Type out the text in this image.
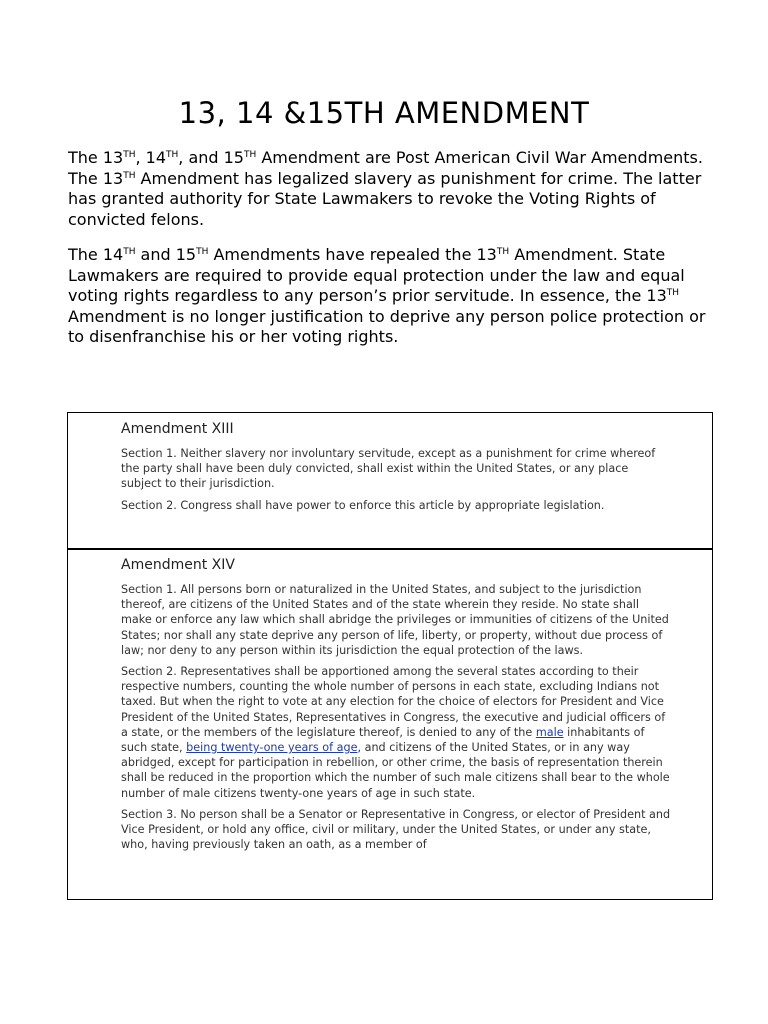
13, 14 &15TH AMENDMENT

The 13TH, 14TH, and 15TH Amendment are Post American Civil War Amendments. The 13TH Amendment has legalized slavery as punishment for crime. The latter has granted authority for State Lawmakers to revoke the Voting Rights of convicted felons.

The 14TH and 15TH Amendments have repealed the 13TH Amendment. State Lawmakers are required to provide equal protection under the law and equal voting rights regardless to any person’s prior servitude. In essence, the 13TH Amendment is no longer justification to deprive any person police protection or to disenfranchise his or her voting rights.

Amendment XIII

Section 1. Neither slavery nor involuntary servitude, except as a punishment for crime whereof the party shall have been duly convicted, shall exist within the United States, or any place subject to their jurisdiction.

Section 2. Congress shall have power to enforce this article by appropriate legislation.

Amendment XIV

Section 1. All persons born or naturalized in the United States, and subject to the jurisdiction thereof, are citizens of the United States and of the state wherein they reside. No state shall make or enforce any law which shall abridge the privileges or immunities of citizens of the United States; nor shall any state deprive any person of life, liberty, or property, without due process of law; nor deny to any person within its jurisdiction the equal protection of the laws.

Section 2. Representatives shall be apportioned among the several states according to their respective numbers, counting the whole number of persons in each state, excluding Indians not taxed. But when the right to vote at any election for the choice of electors for President and Vice President of the United States, Representatives in Congress, the executive and judicial officers of a state, or the members of the legislature thereof, is denied to any of the male inhabitants of such state, being twenty-one years of age, and citizens of the United States, or in any way abridged, except for participation in rebellion, or other crime, the basis of representation therein shall be reduced in the proportion which the number of such male citizens shall bear to the whole number of male citizens twenty-one years of age in such state.

Section 3. No person shall be a Senator or Representative in Congress, or elector of President and Vice President, or hold any office, civil or military, under the United States, or under any state, who, having previously taken an oath, as a member of
